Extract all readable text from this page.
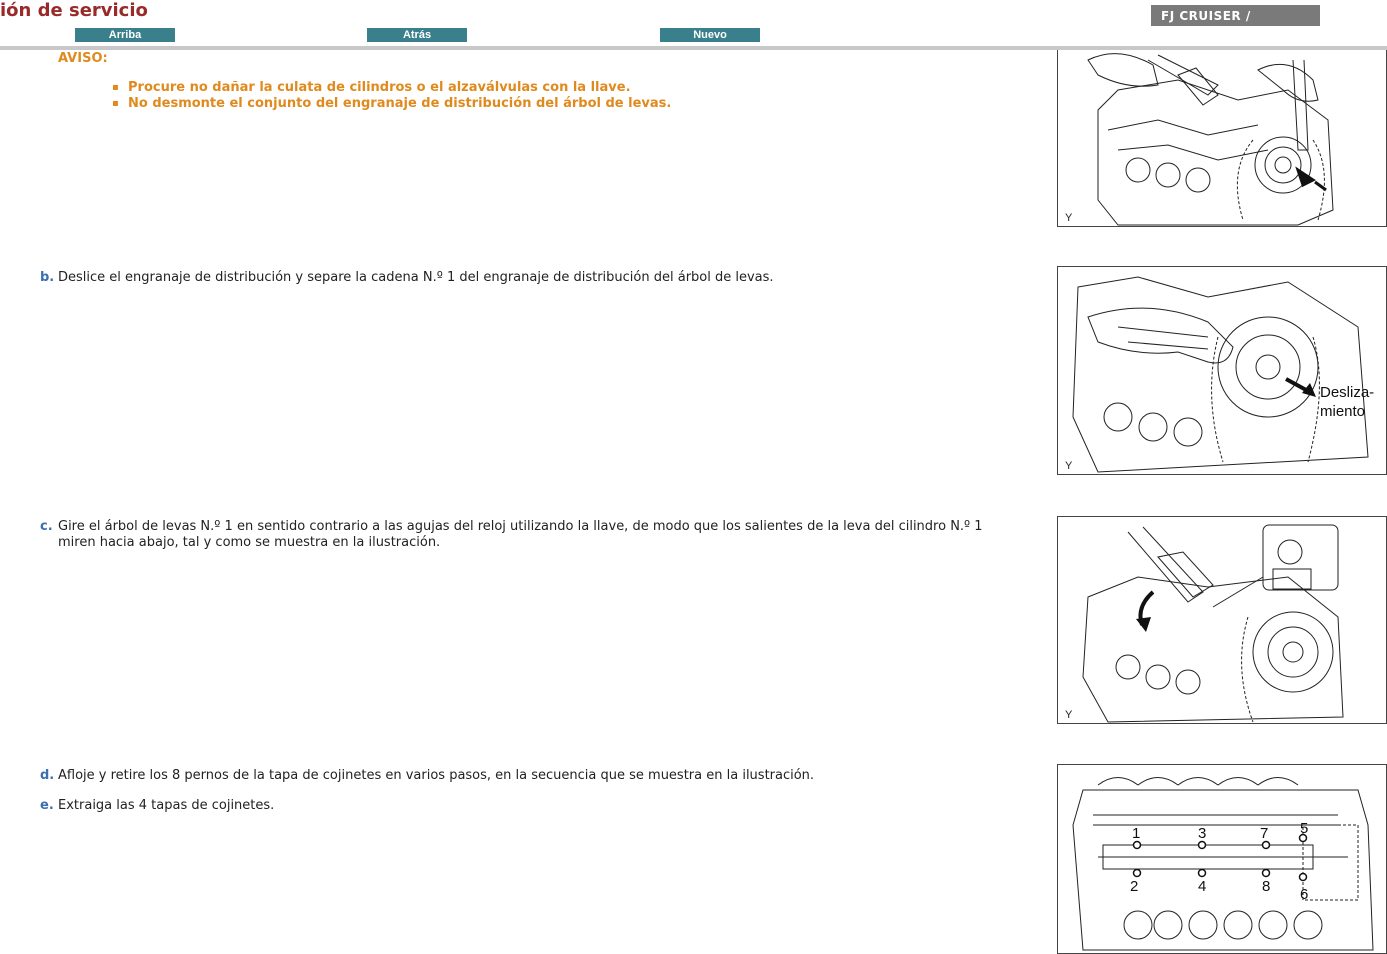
ión de servicio	FJ CRUISER /
Arriba	Atrás	Nuevo
AVISO:
▪ Procure no dañar la culata de cilindros o el alzaválvulas con la llave.
▪ No desmonte el conjunto del engranaje de distribución del árbol de levas.
b. Deslice el engranaje de distribución y separe la cadena N.º 1 del engranaje de distribución del árbol de levas.
c. Gire el árbol de levas N.º 1 en sentido contrario a las agujas del reloj utilizando la llave, de modo que los salientes de la leva del cilindro N.º 1 miren hacia abajo, tal y como se muestra en la ilustración.
d. Afloje y retire los 8 pernos de la tapa de cojinetes en varios pasos, en la secuencia que se muestra en la ilustración.
e. Extraiga las 4 tapas de cojinetes.
Y
Desliza-
miento
Y
Y
1
2
3
4
5
6
7
8
